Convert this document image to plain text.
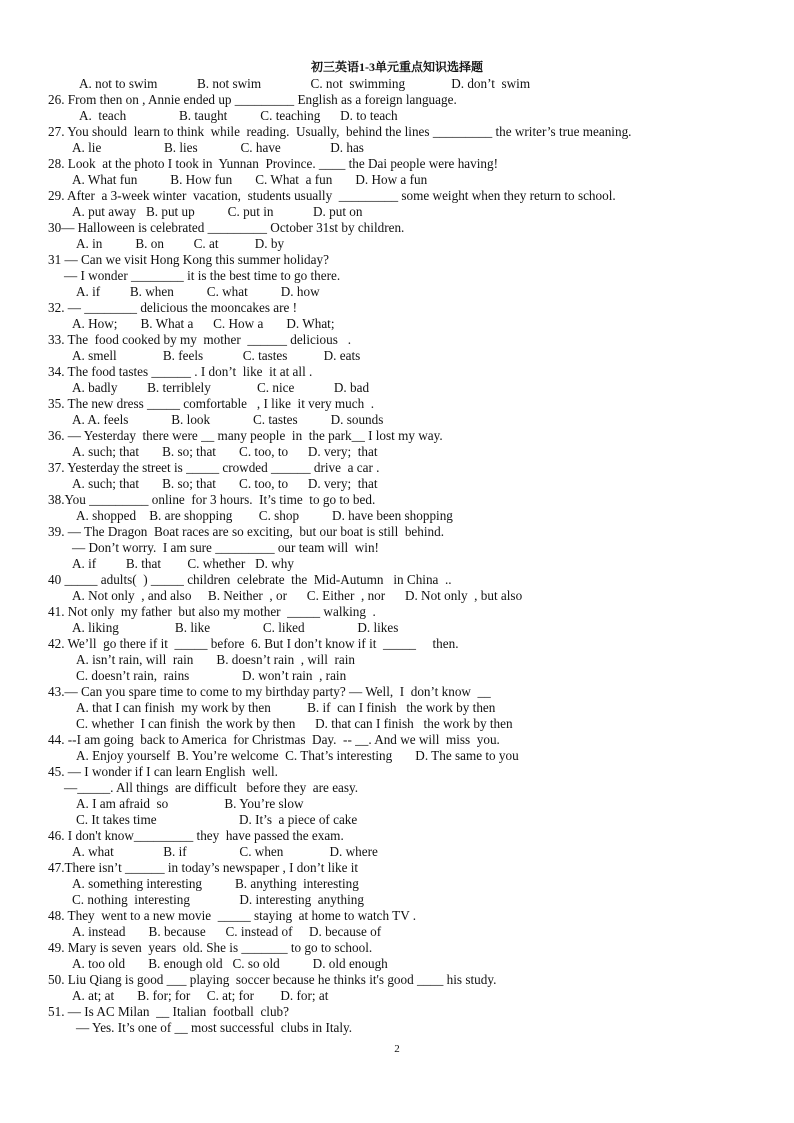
初三英语1-3单元重点知识选择题
A. not to swim            B. not swim               C. not  swimming              D. don’t  swim
26. From then on , Annie ended up _________ English as a foreign language.
A.  teach                B. taught          C. teaching      D. to teach
27. You should  learn to think  while  reading.  Usually,  behind the lines _________ the writer’s true meaning.
A. lie                   B. lies             C. have               D. has
28. Look  at the photo I took in  Yunnan  Province. ____ the Dai people were having!
A. What fun          B. How fun       C. What  a fun       D. How a fun
29. After  a 3-week winter  vacation,  students usually  _________ some weight when they return to school.
A. put away   B. put up          C. put in            D. put on
30— Halloween is celebrated _________ October 31st by children.
A. in          B. on         C. at           D. by
31 — Can we visit Hong Kong this summer holiday?
— I wonder ________ it is the best time to go there.
A. if         B. when          C. what          D. how
32. — ________ delicious the mooncakes are !
A. How;       B. What a      C. How a       D. What;
33. The  food cooked by my  mother  ______ delicious   .
A. smell              B. feels            C. tastes           D. eats
34. The food tastes ______ . I don’t  like  it at all .
A. badly         B. terriblely              C. nice            D. bad
35. The new dress _____ comfortable   , I like  it very much  .
A. A. feels             B. look             C. tastes          D. sounds
36. — Yesterday  there were __ many people  in  the park__ I lost my way.
A. such; that       B. so; that       C. too, to      D. very;  that
37. Yesterday the street is _____ crowded ______ drive  a car .
A. such; that       B. so; that       C. too, to      D. very;  that
38.You _________ online  for 3 hours.  It’s time  to go to bed.
A. shopped    B. are shopping        C. shop          D. have been shopping
39. — The Dragon  Boat races are so exciting,  but our boat is still  behind.
— Don’t worry.  I am sure _________ our team will  win!
A. if         B. that        C. whether   D. why
40 _____ adults(  ) _____ children  celebrate  the  Mid-Autumn   in China  ..
A. Not only  , and also     B. Neither  , or      C. Either  , nor      D. Not only  , but also
41. Not only  my father  but also my mother  _____ walking  .
A. liking                 B. like                C. liked                D. likes
42. We’ll  go there if it  _____ before  6. But I don’t know if it  _____     then.
A. isn’t rain, will  rain       B. doesn’t rain  , will  rain
C. doesn’t rain,  rains                D. won’t rain  , rain
43.— Can you spare time to come to my birthday party? — Well,  I  don’t know  __
A. that I can finish  my work by then           B. if  can I finish   the work by then
C. whether  I can finish  the work by then      D. that can I finish   the work by then
44. --I am going  back to America  for Christmas  Day.  -- __. And we will  miss  you.
A. Enjoy yourself  B. You’re welcome  C. That’s interesting       D. The same to you
45. — I wonder if I can learn English  well.
—_____. All things  are difficult   before they  are easy.
A. I am afraid  so                 B. You’re slow
C. It takes time                         D. It’s  a piece of cake
46. I don't know_________ they  have passed the exam.
A. what               B. if                C. when              D. where
47.There isn’t ______ in today’s newspaper , I don’t like it
A. something interesting          B. anything  interesting
C. nothing  interesting               D. interesting  anything
48. They  went to a new movie  _____ staying  at home to watch TV .
A. instead       B. because      C. instead of     D. because of
49. Mary is seven  years  old. She is _______ to go to school.
A. too old       B. enough old   C. so old          D. old enough
50. Liu Qiang is good ___ playing  soccer because he thinks it's good ____ his study.
A. at; at       B. for; for     C. at; for        D. for; at
51. — Is AC Milan  __ Italian  football  club?
— Yes. It’s one of __ most successful  clubs in Italy.
2
